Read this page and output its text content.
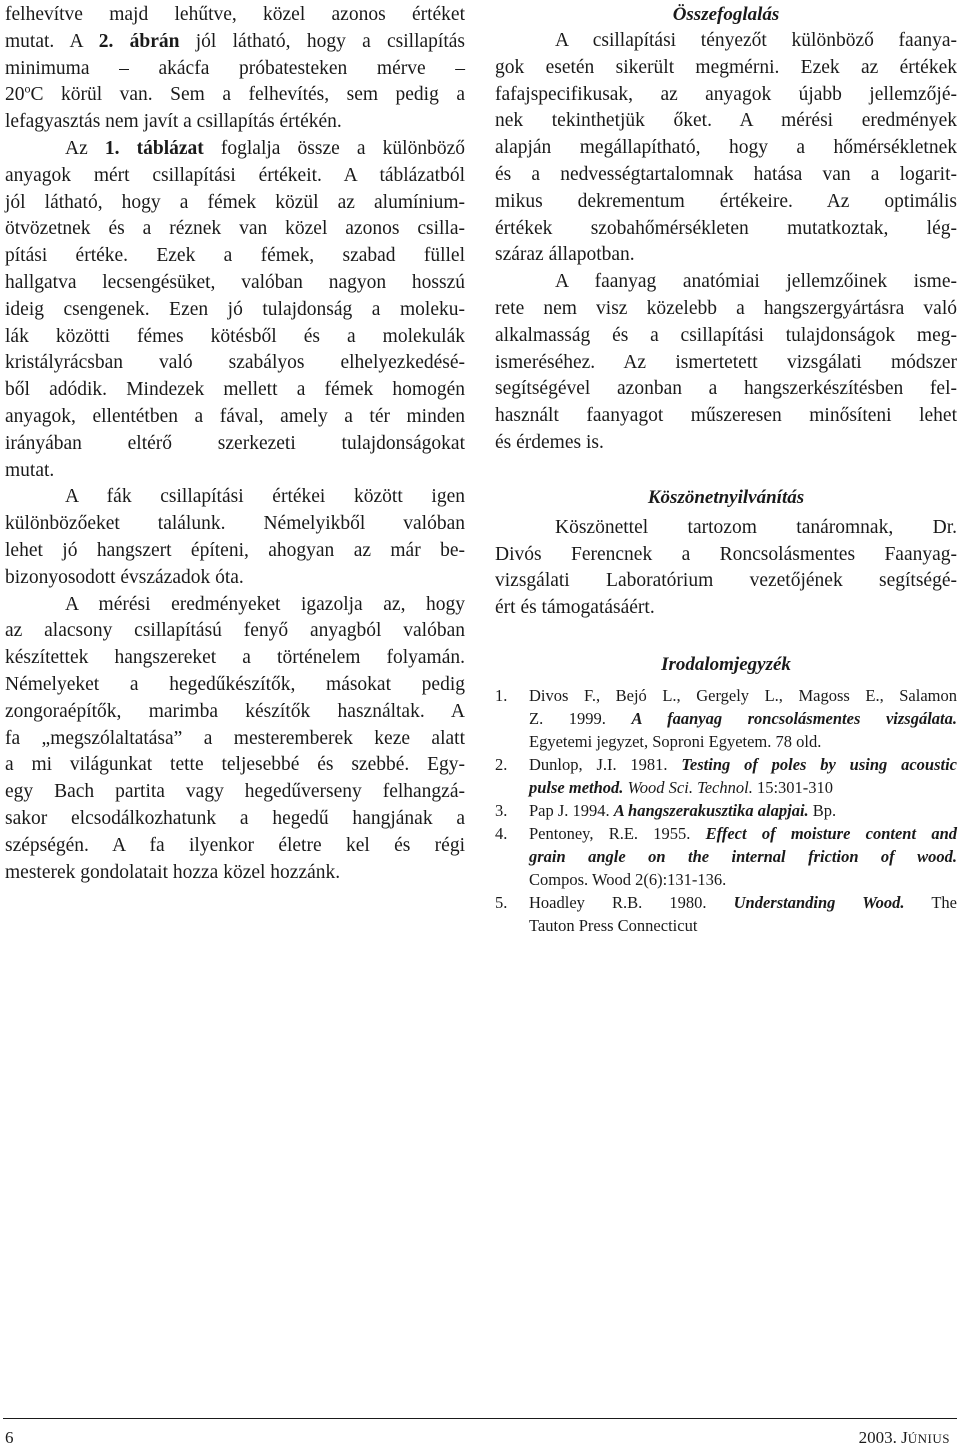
felhevítve majd lehűtve, közel azonos értéket
mutat. A 2. ábrán jól látható, hogy a csillapítás
minimuma – akácfa próbatesteken mérve –
20$^o$C körül van. Sem a felhevítés, sem pedig a
lefagyasztás nem javít a csillapítás értékén.
Az 1. táblázat foglalja össze a különböző
anyagok mért csillapítási értékeit. A táblázatból
jól látható, hogy a fémek közül az alumínium-
ötvözetnek és a réznek van közel azonos csilla-
pítási értéke. Ezek a fémek, szabad füllel
hallgatva lecsengésüket, valóban nagyon hosszú
ideig csengenek. Ezen jó tulajdonság a moleku-
lák közötti fémes kötésből és a molekulák
kristályrácsban való szabályos elhelyezkedésé-
ből adódik. Mindezek mellett a fémek homogén
anyagok, ellentétben a fával, amely a tér minden
irányában eltérő szerkezeti tulajdonságokat
mutat.
A fák csillapítási értékei között igen
különbözőeket találunk. Némelyikből valóban
lehet jó hangszert építeni, ahogyan az már be-
bizonyosodott évszázadok óta.
A mérési eredményeket igazolja az, hogy
az alacsony csillapítású fenyő anyagból valóban
készítettek hangszereket a történelem folyamán.
Némelyeket a hegedűkészítők, másokat pedig
zongoraépítők, marimba készítők használtak. A
fa „megszólaltatása” a mesteremberek keze alatt
a mi világunkat tette teljesebbé és szebbé. Egy-
egy Bach partita vagy hegedűverseny felhangzá-
sakor elcsodálkozhatunk a hegedű hangjának a
szépségén. A fa ilyenkor életre kel és régi
mesterek gondolatait hozza közel hozzánk.
Összefoglalás
A csillapítási tényezőt különböző faanya-
gok esetén sikerült megmérni. Ezek az értékek
fafajspecifikusak, az anyagok újabb jellemzőjé-
nek tekinthetjük őket. A mérési eredmények
alapján megállapítható, hogy a hőmérsékletnek
és a nedvességtartalomnak hatása van a logarit-
mikus dekrementum értékeire. Az optimális
értékek szobahőmérsékleten mutatkoztak, lég-
száraz állapotban.
A faanyag anatómiai jellemzőinek isme-
rete nem visz közelebb a hangszergyártásra való
alkalmasság és a csillapítási tulajdonságok meg-
ismeréséhez. Az ismertetett vizsgálati módszer
segítségével azonban a hangszerkészítésben fel-
használt faanyagot műszeresen minősíteni lehet
és érdemes is.
Köszönetnyilvánítás
Köszönettel tartozom tanáromnak, Dr.
Divós Ferencnek a Roncsolásmentes Faanyag-
vizsgálati Laboratórium vezetőjének segítségé-
ért és támogatásáért.
Irodalomjegyzék
1. Divos F., Bejó L., Gergely L., Magoss E., Salamon
Z. 1999. A faanyag roncsolásmentes vizsgálata.
Egyetemi jegyzet, Soproni Egyetem. 78 old.
2. Dunlop, J.I. 1981. Testing of poles by using acoustic
pulse method. Wood Sci. Technol. 15:301-310
3. Pap J. 1994. A hangszerakusztika alapjai. Bp.
4. Pentoney, R.E. 1955. Effect of moisture content and
grain angle on the internal friction of wood.
Compos. Wood 2(6):131-136.
5. Hoadley R.B. 1980. Understanding Wood. The
Tauton Press Connecticut
6	2003. JÚNIUS
